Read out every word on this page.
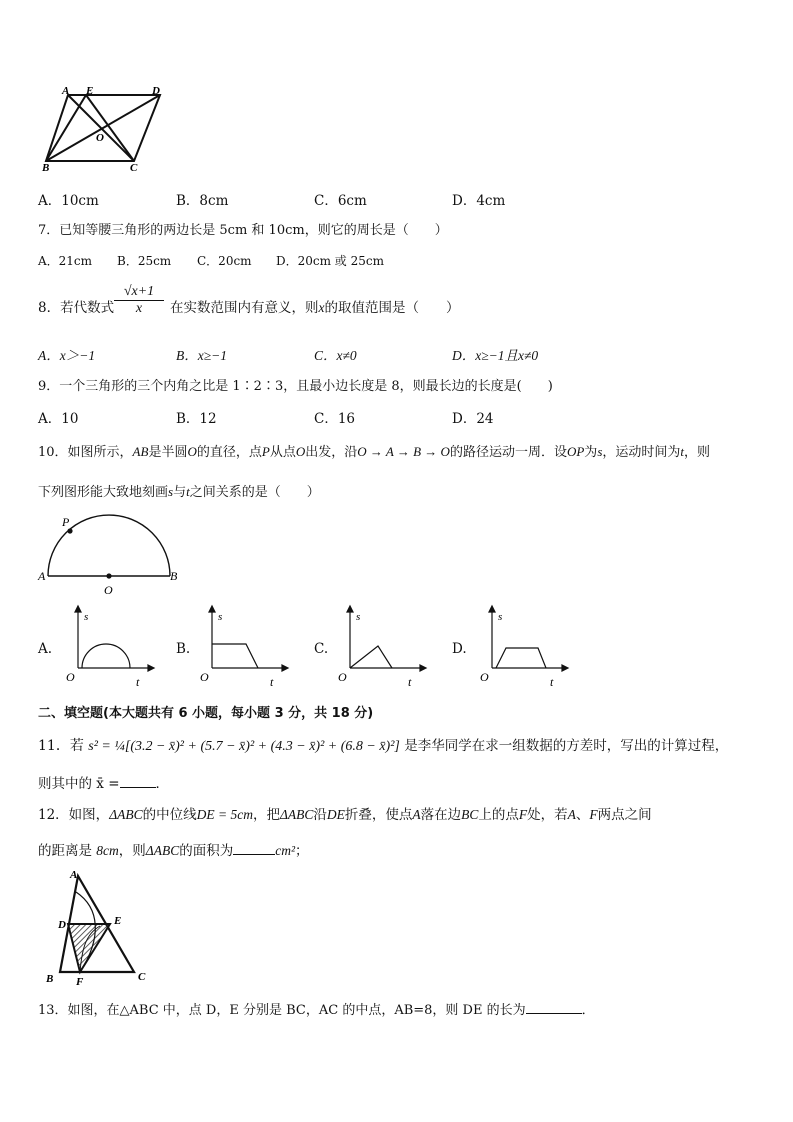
A E	D
O
B	C
A．10cm	B．8cm	C．6cm	D．4cm
7．已知等腰三角形的两边长是 5cm 和 10cm，则它的周长是（　　）
A．21cm B．25cm C．20cm D．20cm 或 25cm
8．若代数式 $\frac{√x+1}{x}$ 在实数范围内有意义，则x的取值范围是（　　）
A．x＞−1	B．x≥−1	C．x≠0	D．x≥−1且x≠0
9．一个三角形的三个内角之比是 1∶2∶3，且最小边长度是 8，则最长边的长度是(　　)
A．10	B．12	C．16	D．24
10．如图所示，AB是半圆O的直径，点P从点O出发，沿O → A → B → O的路径运动一周．设OP为s，运动时间为t，则
下列图形能大致地刻画s与t之间关系的是（　　）
P
A
O
B
A.
s
O	t
B.
s
O	t
C.
s
O	t
D.
s
O	t
二、填空题(本大题共有 6 小题，每小题 3 分，共 18 分)
11．若 s² = ¼[(3.2 − x̄)² + (5.7 − x̄)² + (4.3 − x̄)² + (6.8 − x̄)²] 是李华同学在求一组数据的方差时，写出的计算过程，
则其中的 x̄ =	．
12．如图，ΔABC的中位线DE = 5cm，把ΔABC沿DE折叠，使点A落在边BC上的点F处，若A、F两点之间
的距离是 8cm，则ΔABC的面积为	cm²；
A
D	E
B F	C
13．如图，在△ABC 中，点 D，E 分别是 BC，AC 的中点，AB=8，则 DE 的长为	．
